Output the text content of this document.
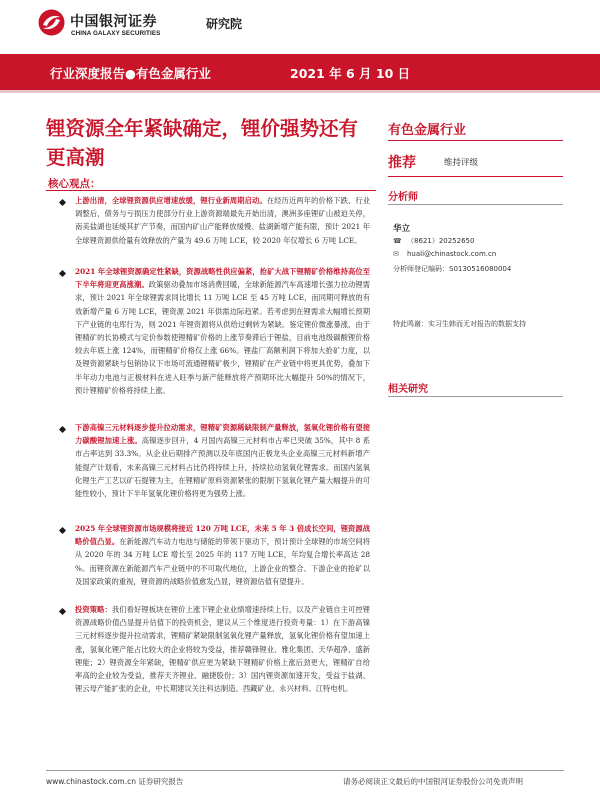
中国银河证券
CHINA GALAXY SECURITIES
研究院
行业深度报告●有色金属行业	2021 年 6 月 10 日
锂资源全年紧缺确定，锂价强势还有更高潮
有色金属行业
推荐	维持评级
分析师
华立
☎ （8621）20252650
✉ huali@chinastock.com.cn
分析师登记编码：S0130516080004
特此鸣谢：实习生韩而无对报告的数据支持
相关研究
核心观点：
上游出清，全球锂资源供应增速放缓，锂行业新周期启动。在经历近两年的价格下跌、行业调整后，债务与亏损压力使部分行业上游资源端最先开始出清，澳洲多座锂矿山被迫关停，南美盐湖也延缓其扩产节奏，而国内矿山产能释放缓慢、盐湖新增产能有限，预计 2021 年全球锂资源供给量有效释放的产量为 49.6 万吨 LCE，较 2020 年仅增长 6 万吨 LCE。
2021 年全球锂资源确定性紧缺，资源战略性供应偏紧，抢矿大战下锂精矿价格维持高位至下半年将迎更高涨潮。政策驱动叠加市场消费回暖，全球新能源汽车高速增长强力拉动锂需求，预计 2021 年全球锂需求同比增长 11 万吨 LCE 至 45 万吨 LCE，而同期可释放的有效新增产量 6 万吨 LCE，锂资源 2021 年供需边际趋紧。若考虑到在锂需求大幅增长预期下产业链的屯库行为，则 2021 年锂资源将从供给过剩转为紧缺。鉴定锂价微涨暴涨，由于锂精矿的长协模式与定价参数使锂精矿价格的上涨节奏滞后于锂盐，目前电池级碳酸锂价格较去年底上涨 124%，而锂精矿价格仅上涨 66%。锂盐厂高额利润下将加大抢矿力度，以及锂资源紧缺与包销协议下市场可流通锂精矿极少，锂精矿在产业链中将更具优势，叠加下半年动力电池与正极材料在进入旺季与新产能释放将产预期环比大幅提升 50%的情况下，预计锂精矿价格将持续上涨。
下游高镍三元材料逐步提升拉动需求，锂精矿资源稀缺限制产量释放，氢氧化锂价格有望接力碳酸锂加速上涨。高镍逐步回升，4 月国内高镍三元材料市占率已突破 35%，其中 8 系市占率达到 33.3%。从企业后期排产预测以及年底国内正极龙头企业高镍三元材料新增产能提产计划看，未来高镍三元材料占比仍将持续上升，持续拉动氢氧化锂需求。而国内氢氧化锂生产工艺以矿石提锂为主，在锂精矿原料资源紧张的限制下氢氧化锂产量大幅提升的可能性较小，预计下半年氢氧化锂价格将更为强势上涨。
2025 年全球锂资源市场规模将接近 120 万吨 LCE，未来 5 年 3 倍成长空间，锂资源战略价值凸显。在新能源汽车动力电池与储能的带领下驱动下，预计预计全球锂的市场空间将从 2020 年的 34 万吨 LCE 增长至 2025 年的 117 万吨 LCE，年均复合增长率高达 28 %。而锂资源在新能源汽车产业链中的不可取代地位，上游企业的整合、下游企业的抢矿以及国家政策的重视，锂资源的战略价值愈发凸显，锂资源估值有望提升。
投资策略：我们看好锂板块在锂价上涨下锂企业业绩增速持续上行，以及产业链自主可控锂资源战略价值凸显提升估值下的投资机会，建议从三个维度进行投资考量：1）在下游高镍三元材料逐步提升拉动需求，锂精矿紧缺限制氢氧化锂产量释放，氢氧化锂价格有望加速上涨，氢氧化锂产能占比较大的企业将较为受益，推荐赣锋锂业、雅化集团、天华超净、盛新锂能；2）锂资源全年紧缺，锂精矿供应更为紧缺下锂精矿价格上涨后劲更大，锂精矿自给率高的企业较为受益，推荐天齐锂业、融捷股份；3）国内锂资源加速开发，受益于盐湖、锂云母产能扩张的企业，中长期建议关注科达制造、西藏矿业、永兴材料、江特电机。
www.chinastock.com.cn 证券研究报告	请务必阅读正文最后的中国银河证券股份公司免责声明
